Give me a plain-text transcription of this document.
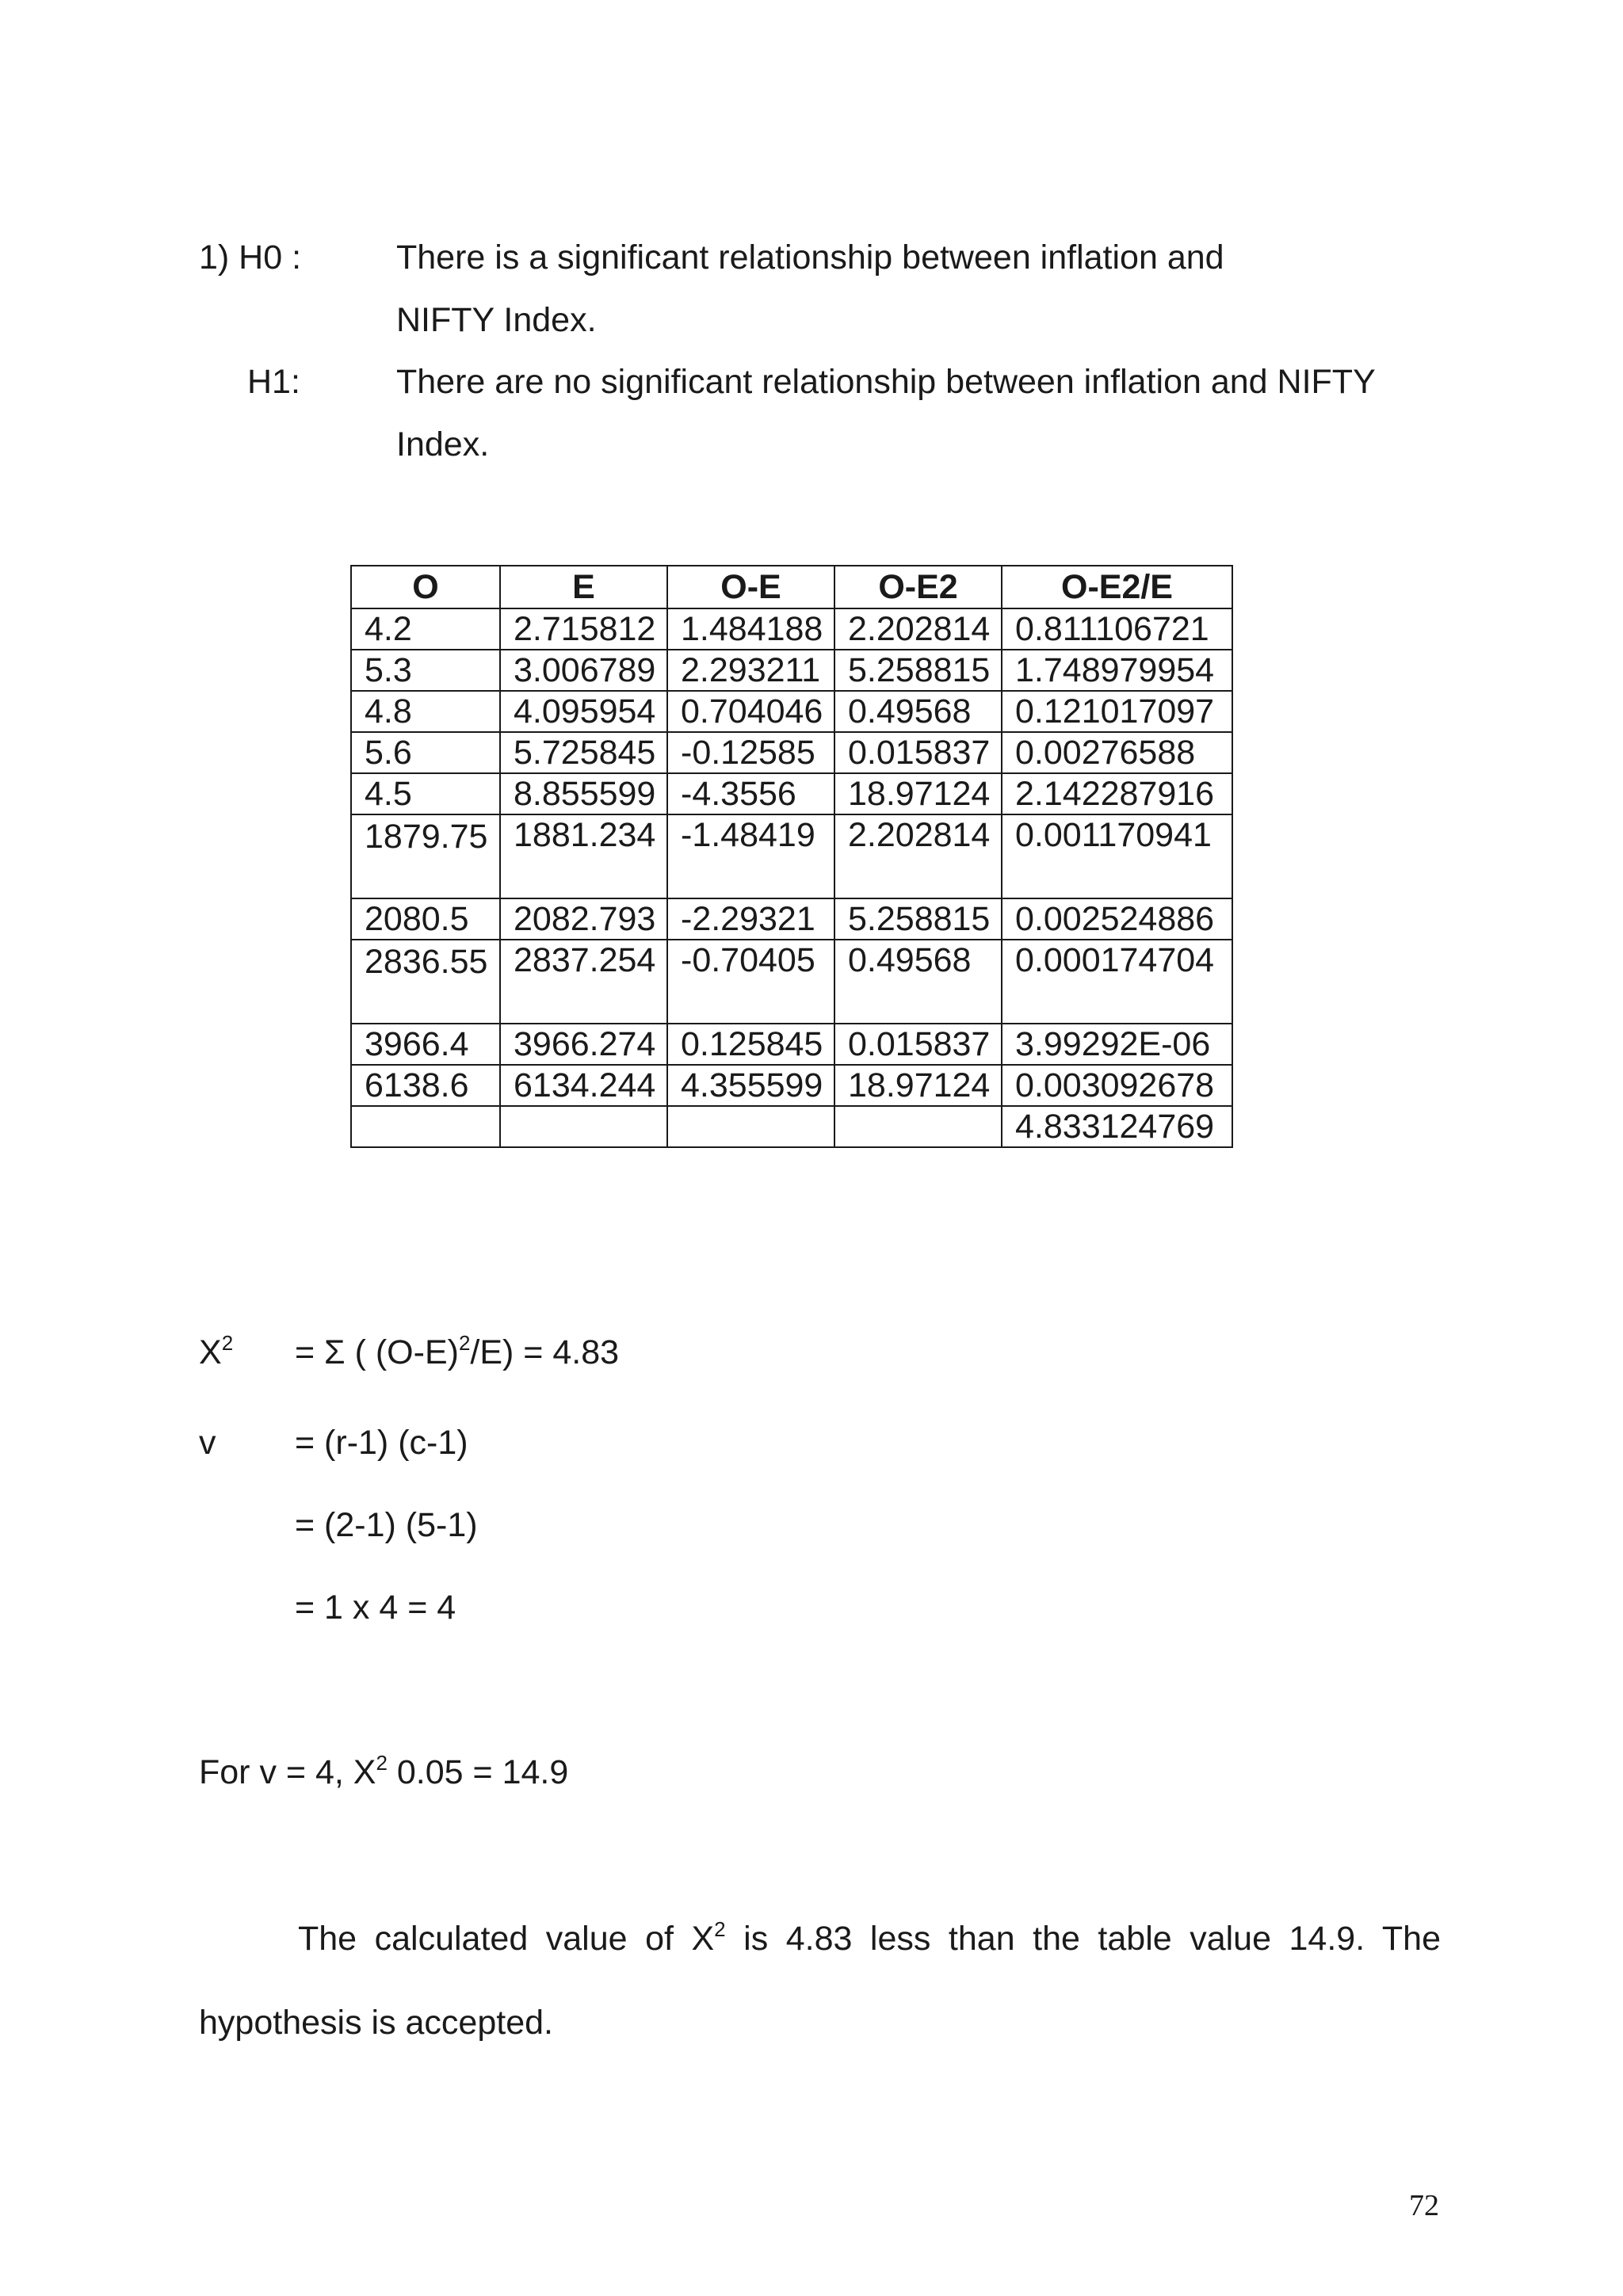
1) H0 :	There is a significant relationship between inflation and
NIFTY Index.
H1:	There are no significant relationship between inflation and NIFTY
Index.
O	E	O-E	O-E2	O-E2/E
4.2	2.715812	1.484188	2.202814	0.811106721
5.3	3.006789	2.293211	5.258815	1.748979954
4.8	4.095954	0.704046	0.49568	0.121017097
5.6	5.725845	-0.12585	0.015837	0.00276588
4.5	8.855599	-4.3556	18.97124	2.142287916

1879.75	1881.234	-1.48419	2.202814	0.001170941
2080.5	2082.793	-2.29321	5.258815	0.002524886

2836.55	2837.254	-0.70405	0.49568	0.000174704
3966.4	3966.274	0.125845	0.015837	3.99292E-06
6138.6	6134.244	4.355599	18.97124	0.003092678
				4.833124769
$X^2 = \Sigma$ ( $(O-E)^2/E) = 4.83$
v = (r-1) (c-1)
= (2-1) (5-1)
= 1 x 4 = 4
For v = 4, $X^2$ 0.05 = 14.9
The calculated value of $X^2$ is 4.83 less than the table value 14.9. The
hypothesis is accepted.
72
